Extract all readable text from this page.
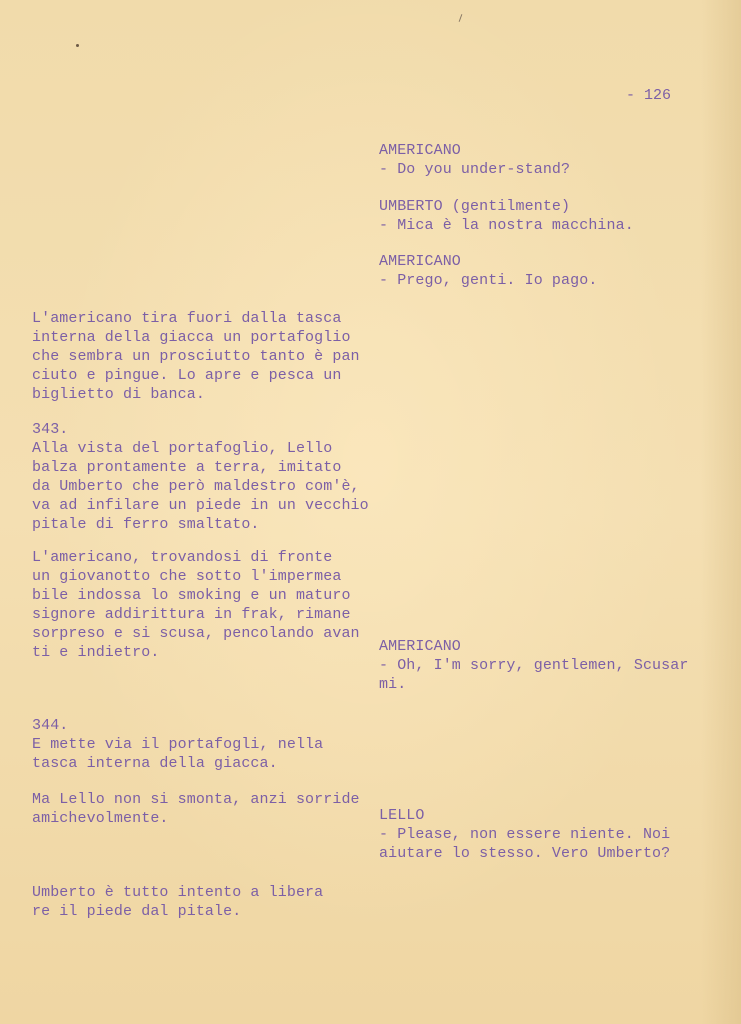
- 126
AMERICANO
- Do you under-stand?
UMBERTO (gentilmente)
- Mica è la nostra macchina.
AMERICANO
- Prego, genti. Io pago.
AMERICANO
- Oh, I'm sorry, gentlemen, Scusar
mi.
LELLO
- Please, non essere niente. Noi
aiutare lo stesso. Vero Umberto?
L'americano tira fuori dalla tasca
interna della giacca un portafoglio
che sembra un prosciutto tanto è pan
ciuto e pingue. Lo apre e pesca un
biglietto di banca.
343.
Alla vista del portafoglio, Lello
balza prontamente a terra, imitato
da Umberto che però maldestro com'è,
va ad infilare un piede in un vecchio
pitale di ferro smaltato.
L'americano, trovandosi di fronte
un giovanotto che sotto l'impermea
bile indossa lo smoking e un maturo
signore addirittura in frak, rimane
sorpreso e si scusa, pencolando avan
ti e indietro.
344.
E mette via il portafogli, nella
tasca interna della giacca.
Ma Lello non si smonta, anzi sorride
amichevolmente.
Umberto è tutto intento a libera
re il piede dal pitale.
